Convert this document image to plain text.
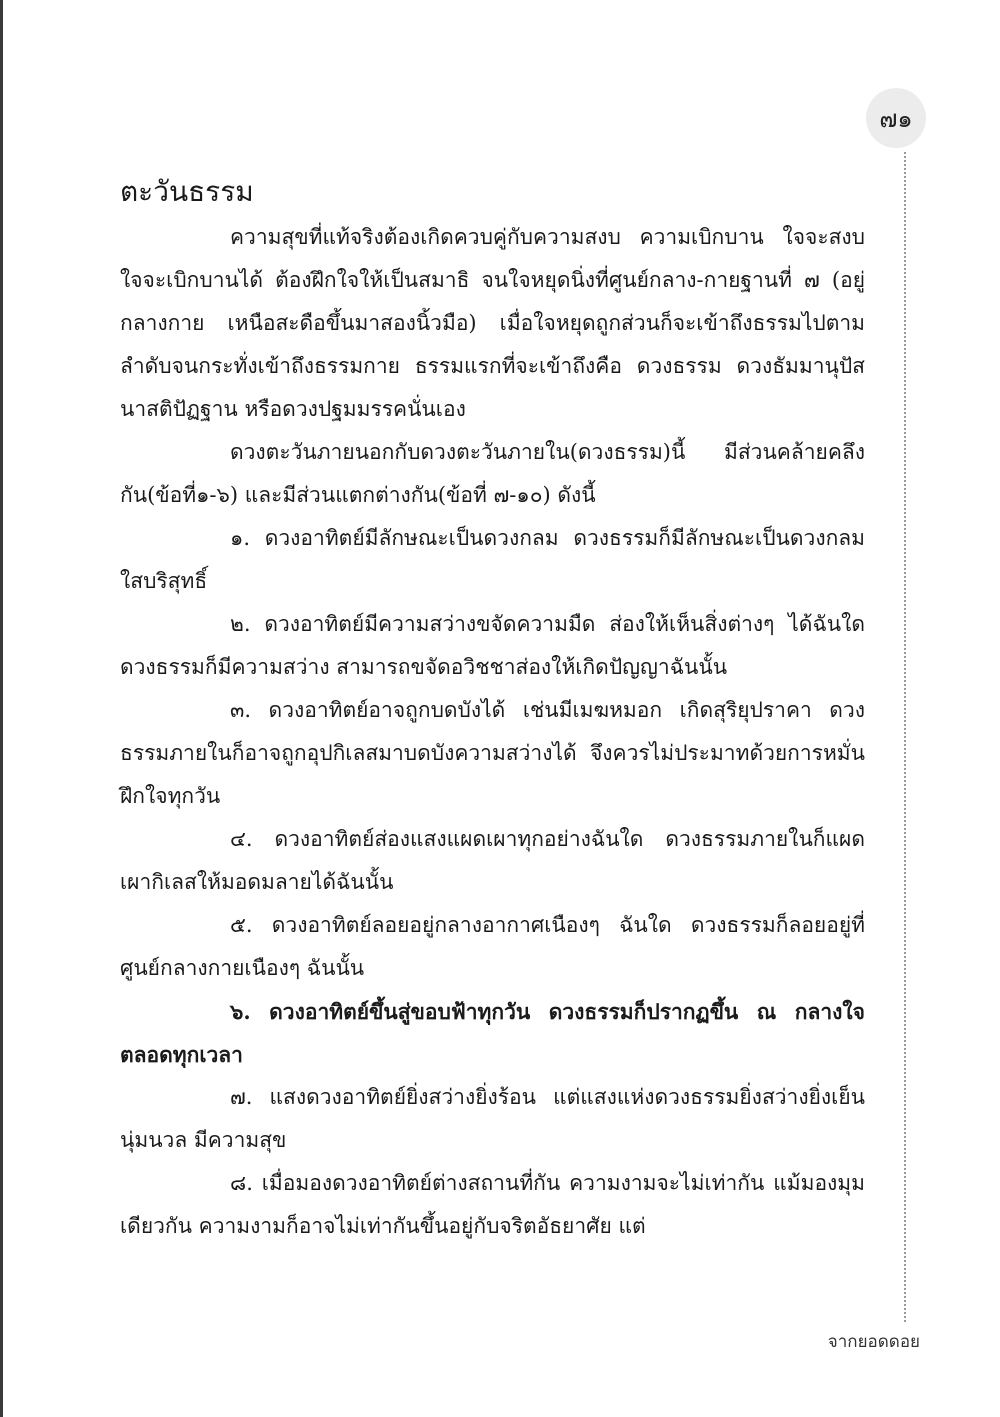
๗๑
ตะวันธรรม

ความสุขที่แท้จริงต้องเกิดควบคู่กับความสงบ ความเบิกบาน ใจจะสงบ ใจจะเบิกบานได้ ต้องฝึกใจให้เป็นสมาธิ จนใจหยุดนิ่งที่ศูนย์กลาง-กายฐานที่ ๗ (อยู่กลางกาย เหนือสะดือขึ้นมาสองนิ้วมือ) เมื่อใจหยุดถูกส่วนก็จะเข้าถึงธรรมไปตามลำดับจนกระทั่งเข้าถึงธรรมกาย ธรรมแรกที่จะเข้าถึงคือ ดวงธรรม ดวงธัมมานุปัสนาสติปัฏฐาน หรือดวงปฐมมรรคนั่นเอง

ดวงตะวันภายนอกกับดวงตะวันภายใน(ดวงธรรม)นี้ มีส่วนคล้ายคลึงกัน(ข้อที่๑-๖) และมีส่วนแตกต่างกัน(ข้อที่ ๗-๑๐) ดังนี้

๑. ดวงอาทิตย์มีลักษณะเป็นดวงกลม ดวงธรรมก็มีลักษณะเป็นดวงกลมใสบริสุทธิ์

๒. ดวงอาทิตย์มีความสว่างขจัดความมืด ส่องให้เห็นสิ่งต่างๆ ได้ฉันใด ดวงธรรมก็มีความสว่าง สามารถขจัดอวิชชาส่องให้เกิดปัญญาฉันนั้น

๓. ดวงอาทิตย์อาจถูกบดบังได้ เช่นมีเมฆหมอก เกิดสุริยุปราคา ดวงธรรมภายในก็อาจถูกอุปกิเลสมาบดบังความสว่างได้ จึงควรไม่ประมาทด้วยการหมั่นฝึกใจทุกวัน

๔. ดวงอาทิตย์ส่องแสงแผดเผาทุกอย่างฉันใด ดวงธรรมภายในก็แผดเผากิเลสให้มอดมลายได้ฉันนั้น

๕. ดวงอาทิตย์ลอยอยู่กลางอากาศเนืองๆ ฉันใด ดวงธรรมก็ลอยอยู่ที่ศูนย์กลางกายเนืองๆ ฉันนั้น

๖. ดวงอาทิตย์ขึ้นสู่ขอบฟ้าทุกวัน ดวงธรรมก็ปรากฏขึ้น ณ กลางใจตลอดทุกเวลา

๗. แสงดวงอาทิตย์ยิ่งสว่างยิ่งร้อน แต่แสงแห่งดวงธรรมยิ่งสว่างยิ่งเย็น นุ่มนวล มีความสุข

๘. เมื่อมองดวงอาทิตย์ต่างสถานที่กัน ความงามจะไม่เท่ากัน แม้มองมุมเดียวกัน ความงามก็อาจไม่เท่ากันขึ้นอยู่กับจริตอัธยาศัย แต่

จากยอดดอย
